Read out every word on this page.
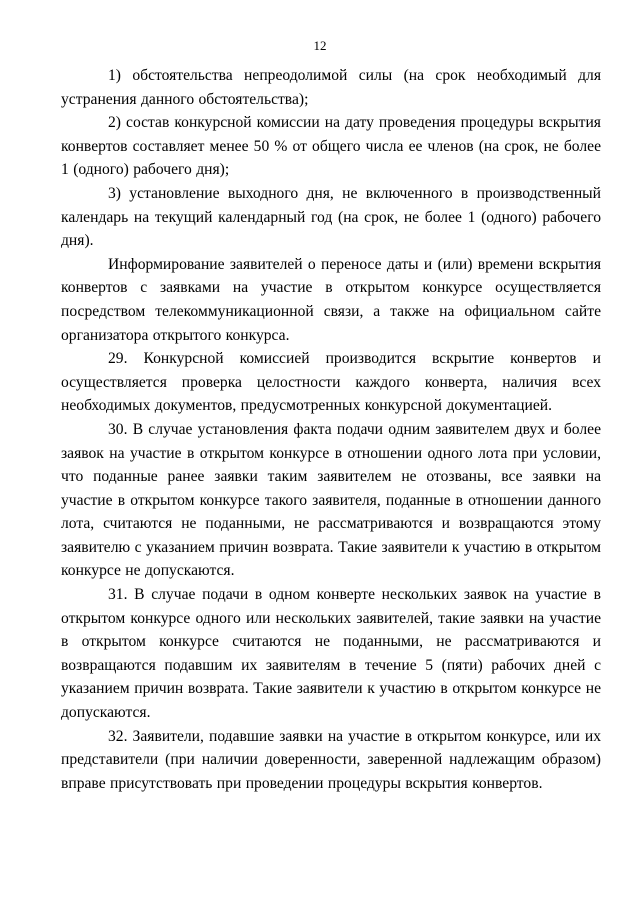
12

1) обстоятельства непреодолимой силы (на срок необходимый для устранения данного обстоятельства);

2) состав конкурсной комиссии на дату проведения процедуры вскрытия конвертов составляет менее 50 % от общего числа ее членов (на срок, не более 1 (одного) рабочего дня);

3) установление выходного дня, не включенного в производственный календарь на текущий календарный год (на срок, не более 1 (одного) рабочего дня).

Информирование заявителей о переносе даты и (или) времени вскрытия конвертов с заявками на участие в открытом конкурсе осуществляется посредством телекоммуникационной связи, а также на официальном сайте организатора открытого конкурса.

29. Конкурсной комиссией производится вскрытие конвертов и осуществляется проверка целостности каждого конверта, наличия всех необходимых документов, предусмотренных конкурсной документацией.

30. В случае установления факта подачи одним заявителем двух и более заявок на участие в открытом конкурсе в отношении одного лота при условии, что поданные ранее заявки таким заявителем не отозваны, все заявки на участие в открытом конкурсе такого заявителя, поданные в отношении данного лота, считаются не поданными, не рассматриваются и возвращаются этому заявителю с указанием причин возврата. Такие заявители к участию в открытом конкурсе не допускаются.

31. В случае подачи в одном конверте нескольких заявок на участие в открытом конкурсе одного или нескольких заявителей, такие заявки на участие в открытом конкурсе считаются не поданными, не рассматриваются и возвращаются подавшим их заявителям в течение 5 (пяти) рабочих дней с указанием причин возврата. Такие заявители к участию в открытом конкурсе не допускаются.

32. Заявители, подавшие заявки на участие в открытом конкурсе, или их представители (при наличии доверенности, заверенной надлежащим образом) вправе присутствовать при проведении процедуры вскрытия конвертов.
